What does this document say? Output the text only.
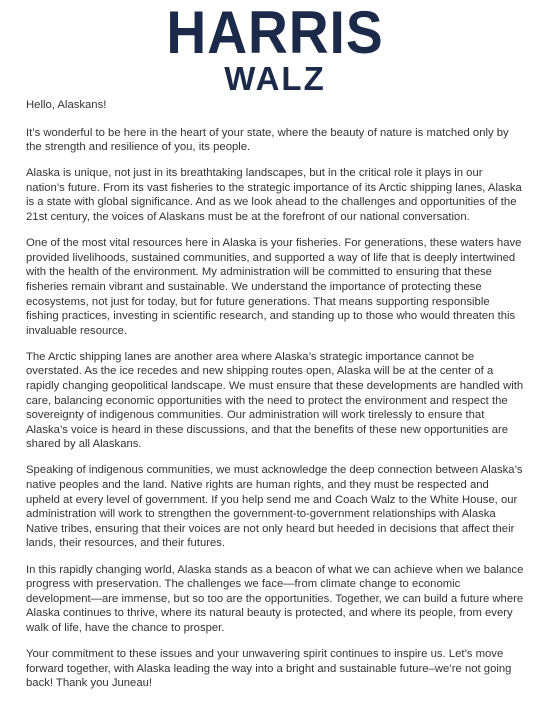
HARRIS
WALZ

Hello, Alaskans!

It’s wonderful to be here in the heart of your state, where the beauty of nature is matched only by the strength and resilience of you, its people.

Alaska is unique, not just in its breathtaking landscapes, but in the critical role it plays in our nation’s future. From its vast fisheries to the strategic importance of its Arctic shipping lanes, Alaska is a state with global significance. And as we look ahead to the challenges and opportunities of the 21st century, the voices of Alaskans must be at the forefront of our national conversation.

One of the most vital resources here in Alaska is your fisheries. For generations, these waters have provided livelihoods, sustained communities, and supported a way of life that is deeply intertwined with the health of the environment. My administration will be committed to ensuring that these fisheries remain vibrant and sustainable. We understand the importance of protecting these ecosystems, not just for today, but for future generations. That means supporting responsible fishing practices, investing in scientific research, and standing up to those who would threaten this invaluable resource.

The Arctic shipping lanes are another area where Alaska’s strategic importance cannot be overstated. As the ice recedes and new shipping routes open, Alaska will be at the center of a rapidly changing geopolitical landscape. We must ensure that these developments are handled with care, balancing economic opportunities with the need to protect the environment and respect the sovereignty of indigenous communities. Our administration will work tirelessly to ensure that Alaska’s voice is heard in these discussions, and that the benefits of these new opportunities are shared by all Alaskans.

Speaking of indigenous communities, we must acknowledge the deep connection between Alaska’s native peoples and the land. Native rights are human rights, and they must be respected and upheld at every level of government. If you help send me and Coach Walz to the White House, our administration will work to strengthen the government-to-government relationships with Alaska Native tribes, ensuring that their voices are not only heard but heeded in decisions that affect their lands, their resources, and their futures.

In this rapidly changing world, Alaska stands as a beacon of what we can achieve when we balance progress with preservation. The challenges we face—from climate change to economic development—are immense, but so too are the opportunities. Together, we can build a future where Alaska continues to thrive, where its natural beauty is protected, and where its people, from every walk of life, have the chance to prosper.

Your commitment to these issues and your unwavering spirit continues to inspire us. Let’s move forward together, with Alaska leading the way into a bright and sustainable future–we’re not going back! Thank you Juneau!
